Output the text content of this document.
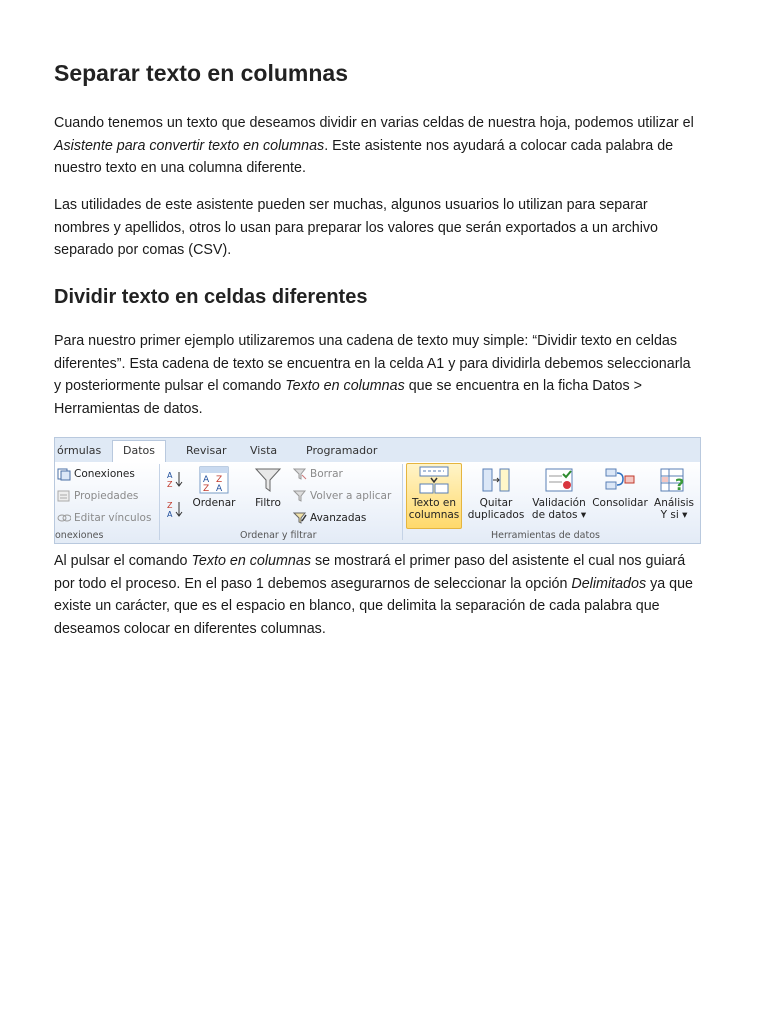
Separar texto en columnas

Cuando tenemos un texto que deseamos dividir en varias celdas de nuestra hoja, podemos utilizar el
Asistente para convertir texto en columnas. Este asistente nos ayudará a colocar cada palabra de
nuestro texto en una columna diferente.

Las utilidades de este asistente pueden ser muchas, algunos usuarios lo utilizan para separar
nombres y apellidos, otros lo usan para preparar los valores que serán exportados a un archivo
separado por comas (CSV).

Dividir texto en celdas diferentes

Para nuestro primer ejemplo utilizaremos una cadena de texto muy simple: “Dividir texto en celdas
diferentes”. Esta cadena de texto se encuentra en la celda A1 y para dividirla debemos seleccionarla
y posteriormente pulsar el comando Texto en columnas que se encuentra en la ficha Datos >
Herramientas de datos.

Al pulsar el comando Texto en columnas se mostrará el primer paso del asistente el cual nos guiará
por todo el proceso. En el paso 1 debemos asegurarnos de seleccionar la opción Delimitados ya que
existe un carácter, que es el espacio en blanco, que delimita la separación de cada palabra que
deseamos colocar en diferentes columnas.

órmulas	Datos	Revisar Vista	Programador
Conexiones
Propiedades
Editar vínculos
onexiones
A
Z
Z
A
A
Z
Z
A
Ordenar	Filtro
Borrar
Volver a aplicar
Avanzadas
Ordenar y filtrar
Texto en
columnas
Quitar
duplicados
Validación
de datos ▾
Consolidar
?
Análisis
Y si ▾
Herramientas de datos
